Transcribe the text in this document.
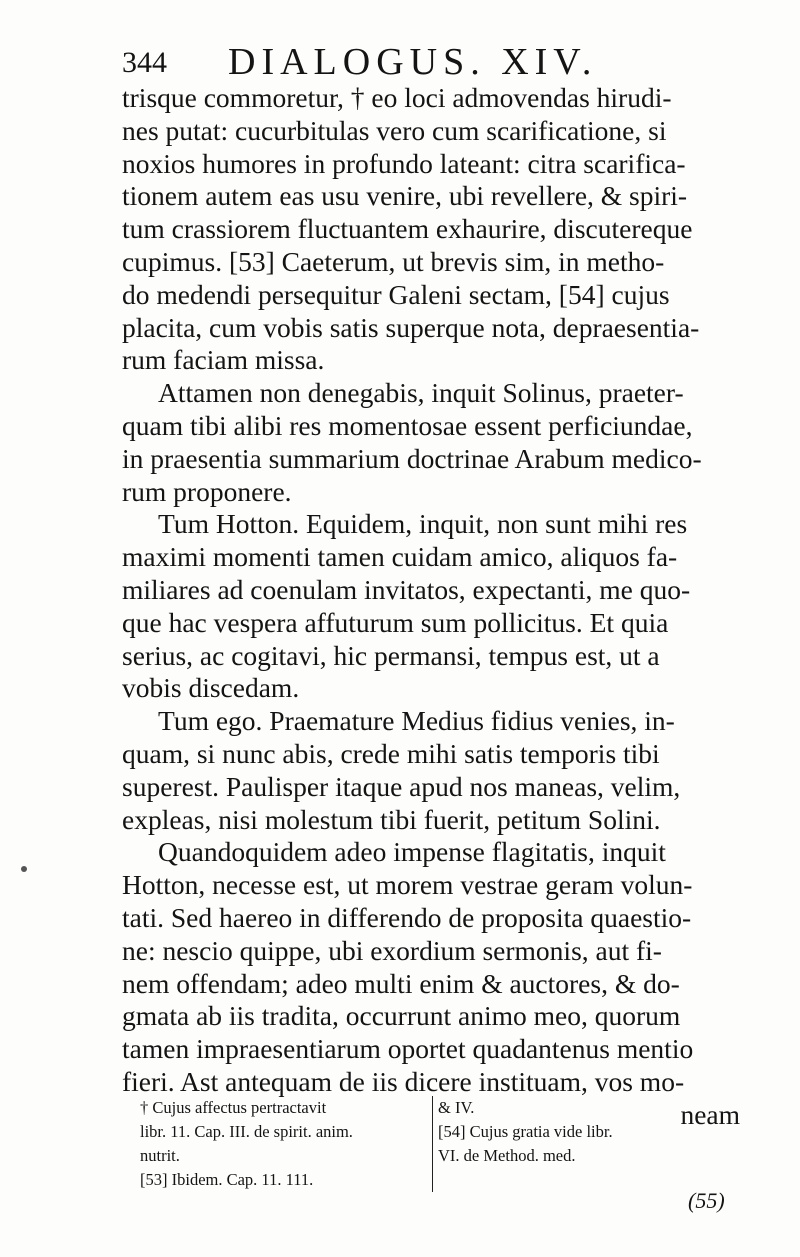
344 DIALOGUS. XIV.
trisque commoretur, † eo loci admovendas hirudi-
nes putat: cucurbitulas vero cum scarificatione, si
noxios humores in profundo lateant: citra scarifica-
tionem autem eas usu venire, ubi revellere, & spiri-
tum crassiorem fluctuantem exhaurire, discutereque
cupimus. [53] Caeterum, ut brevis sim, in metho-
do medendi persequitur Galeni sectam, [54] cujus
placita, cum vobis satis superque nota, depraesentia-
rum faciam missa.
Attamen non denegabis, inquit Solinus, praeter-
quam tibi alibi res momentosae essent perficiundae,
in praesentia summarium doctrinae Arabum medico-
rum proponere.
Tum Hotton. Equidem, inquit, non sunt mihi res
maximi momenti tamen cuidam amico, aliquos fa-
miliares ad coenulam invitatos, expectanti, me quo-
que hac vespera affuturum sum pollicitus. Et quia
serius, ac cogitavi, hic permansi, tempus est, ut a
vobis discedam.
Tum ego. Praemature Medius fidius venies, in-
quam, si nunc abis, crede mihi satis temporis tibi
superest. Paulisper itaque apud nos maneas, velim,
expleas, nisi molestum tibi fuerit, petitum Solini.
Quandoquidem adeo impense flagitatis, inquit
Hotton, necesse est, ut morem vestrae geram volun-
tati. Sed haereo in differendo de proposita quaestio-
ne: nescio quippe, ubi exordium sermonis, aut fi-
nem offendam; adeo multi enim & auctores, & do-
gmata ab iis tradita, occurrunt animo meo, quorum
tamen impraesentiarum oportet quadantenus mentio
fieri. Ast antequam de iis dicere instituam, vos mo-
neam
† Cujus affectus pertractavit
libr. 11. Cap. III. de spirit. anim.
nutrit.
[53] Ibidem. Cap. 11. 111.
& IV.
[54] Cujus gratia vide libr.
VI. de Method. med.
(55)
